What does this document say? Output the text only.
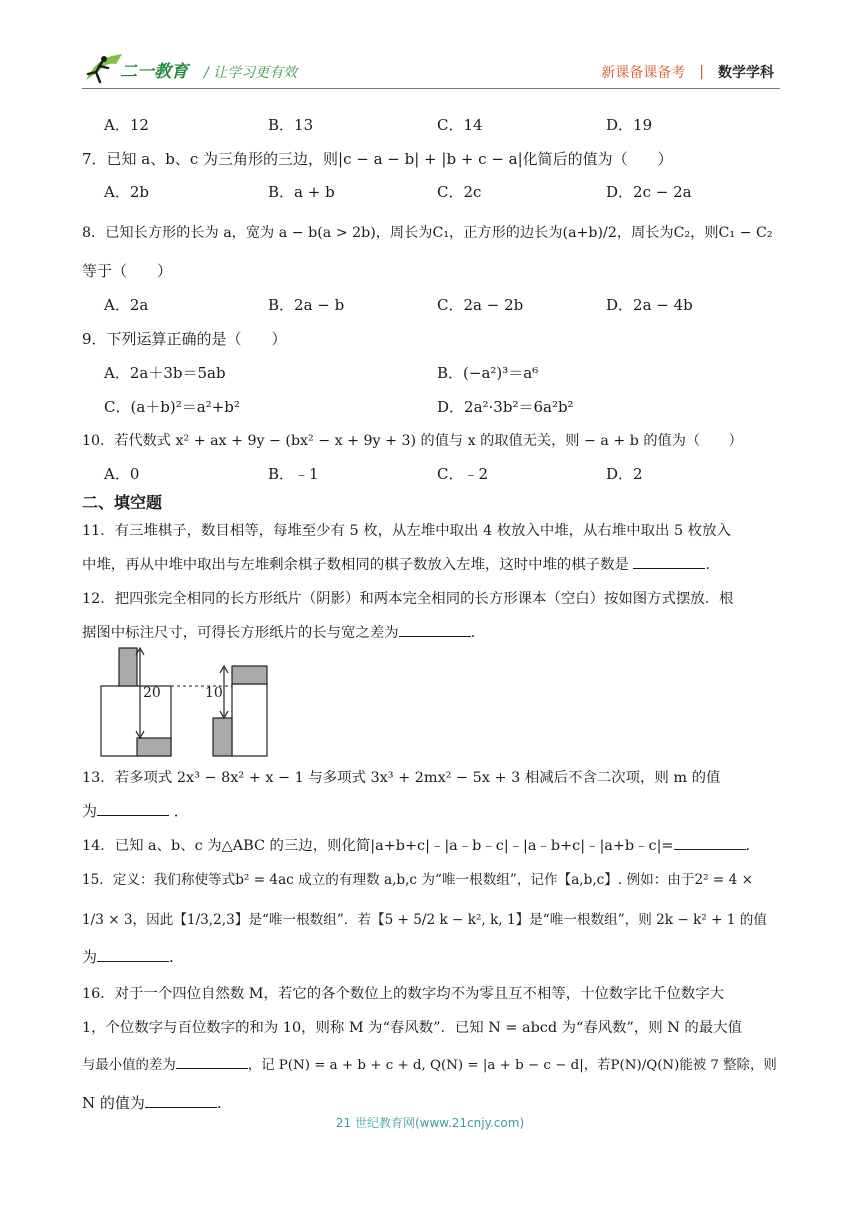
二一教育 / 让学习更有效	新课备课备考 | 数学学科
A．12	B．13	C．14	D．19
7．已知 a、b、c 为三角形的三边，则|c − a − b| + |b + c − a|化简后的值为（　　）
A．2b	B．a + b	C．2c	D．2c − 2a
8．已知长方形的长为 a，宽为 a − b(a > 2b)，周长为C₁，正方形的边长为(a+b)/2，周长为C₂，则C₁ − C₂
等于（　　）
A．2a	B．2a − b	C．2a − 2b	D．2a − 4b
9．下列运算正确的是（　　）
A．2a＋3b＝5ab	B．(−a²)³＝a⁶
C．(a＋b)²＝a²+b²	D．2a²·3b²＝6a²b²
10．若代数式 x² + ax + 9y − (bx² − x + 9y + 3) 的值与 x 的取值无关，则 − a + b 的值为（　　）
A．0	B．﹣1	C．﹣2	D．2
二、填空题
11．有三堆棋子，数目相等，每堆至少有 5 枚，从左堆中取出 4 枚放入中堆，从右堆中取出 5 枚放入
中堆，再从中堆中取出与左堆剩余棋子数相同的棋子数放入左堆，这时中堆的棋子数是	.
12．把四张完全相同的长方形纸片（阴影）和两本完全相同的长方形课本（空白）按如图方式摆放．根
据图中标注尺寸，可得长方形纸片的长与宽之差为	.
20	10
13．若多项式 2x³ − 8x² + x − 1 与多项式 3x³ + 2mx² − 5x + 3 相减后不含二次项，则 m 的值
为	．
14．已知 a、b、c 为△ABC 的三边，则化简|a+b+c|﹣|a﹣b﹣c|﹣|a﹣b+c|﹣|a+b﹣c|=	.
15．定义：我们称使等式b² = 4ac 成立的有理数 a,b,c 为“唯一根数组”，记作【a,b,c】. 例如：由于2² = 4 ×
1/3 × 3，因此【1/3,2,3】是“唯一根数组”．若【5 + 5/2 k − k², k, 1】是“唯一根数组”，则 2k − k² + 1 的值
为	.
16．对于一个四位自然数 M，若它的各个数位上的数字均不为零且互不相等，十位数字比千位数字大
1，个位数字与百位数字的和为 10，则称 M 为“春风数”．已知 N = abcd 为“春风数”，则 N 的最大值
与最小值的差为	，记 P(N) = a + b + c + d, Q(N) = |a + b − c − d|，若P(N)/Q(N)能被 7 整除，则
N 的值为	.
21 世纪教育网(www.21cnjy.com)
